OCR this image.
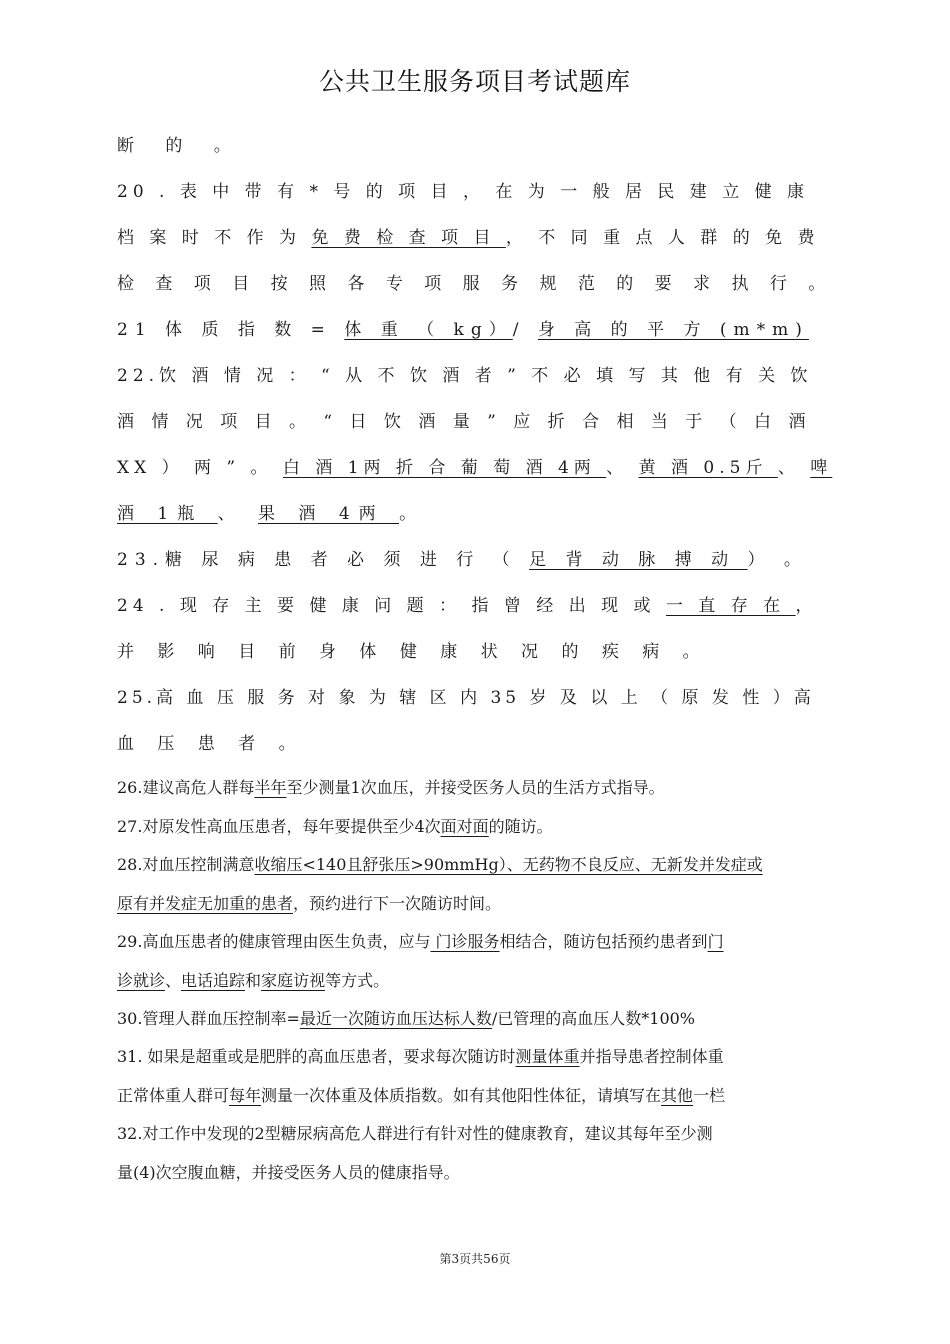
公共卫生服务项目考试题库
断 的 。
20 . 表 中 带 有 * 号 的 项 目 ， 在 为 一 般 居 民 建 立 健 康
档 案 时 不 作 为 免 费 检 查 项 目 ， 不 同 重 点 人 群 的 免 费
检 查 项 目 按 照 各 专 项 服 务 规 范 的 要 求 执 行 。
21 体 质 指 数 = 体 重 （ kg）/ 身 高 的 平 方 (m*m)
22.饮 酒 情 况 ： “ 从 不 饮 酒 者 ” 不 必 填 写 其 他 有 关 饮
酒 情 况 项 目 。 “ 日 饮 酒 量 ” 应 折 合 相 当 于 （ 白 酒
XX ） 两 ” 。 白 酒 1两 折 合 葡 萄 酒 4两 、 黄 酒 0.5斤 、 啤
酒 1瓶 、 果 酒 4两 。
23.糖 尿 病 患 者 必 须 进 行 （ 足 背 动 脉 搏 动 ） 。
24 . 现 存 主 要 健 康 问 题 ： 指 曾 经 出 现 或 一 直 存 在 ，
并 影 响 目 前 身 体 健 康 状 况 的 疾 病 。
25.高 血 压 服 务 对 象 为 辖 区 内 35 岁 及 以 上 （ 原 发 性 ）高
血 压 患 者 。
26.建议高危人群每半年至少测量1次血压，并接受医务人员的生活方式指导。
27.对原发性高血压患者，每年要提供至少4次面对面的随访。
28.对血压控制满意收缩压<140且舒张压>90mmHg）、无药物不良反应、无新发并发症或
原有并发症无加重的患者，预约进行下一次随访时间。
29.高血压患者的健康管理由医生负责，应与 门诊服务相结合，随访包括预约患者到门
诊就诊、电话追踪和家庭访视等方式。
30.管理人群血压控制率=最近一次随访血压达标人数/已管理的高血压人数*100%
31. 如果是超重或是肥胖的高血压患者，要求每次随访时测量体重并指导患者控制体重
正常体重人群可每年测量一次体重及体质指数。如有其他阳性体征，请填写在其他一栏
32.对工作中发现的2型糖尿病高危人群进行有针对性的健康教育，建议其每年至少测
量(4)次空腹血糖，并接受医务人员的健康指导。
第3页共56页
